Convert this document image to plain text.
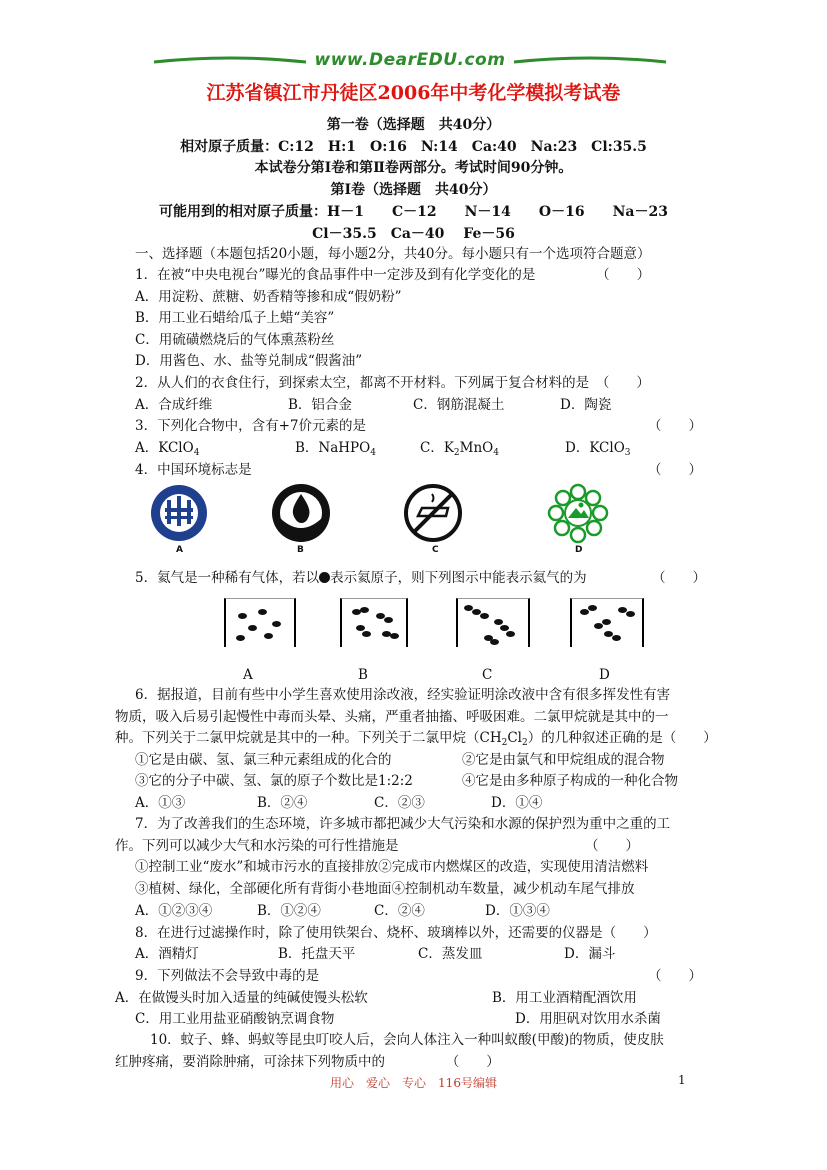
www.DearEDU.com
江苏省镇江市丹徒区2006年中考化学模拟考试卷
第一卷（选择题　共40分）
相对原子质量：C:12　H:1　O:16　N:14　Ca:40　Na:23　Cl:35.5
本试卷分第Ⅰ卷和第Ⅱ卷两部分。考试时间90分钟。
第Ⅰ卷（选择题　共40分）
可能用到的相对原子质量：H－1　　C－12　　N－14　　O－16　　Na－23
Cl－35.5　Ca－40　 Fe－56
一、选择题（本题包括20小题，每小题2分，共40分。每小题只有一个选项符合题意）
1．在被“中央电视台”曝光的食品事件中一定涉及到有化学变化的是　　　　　（　　）
A．用淀粉、蔗糖、奶香精等掺和成“假奶粉”
B．用工业石蜡给瓜子上蜡“美容”
C．用硫磺燃烧后的气体熏蒸粉丝
D．用酱色、水、盐等兑制成“假酱油”
2．从人们的衣食住行，到探索太空，都离不开材料。下列属于复合材料的是　（　　）
A．合成纤维	B．铝合金	C．钢筋混凝土	D．陶瓷
3．下列化合物中，含有+7价元素的是	（　　）
A．KClO$_4$	B．NaHPO$_4$	C．$K_2MnO_4$	D．KClO$_3$
4．中国环境标志是	（　　）
A	B	C	D
5．氦气是一种稀有气体，若以 表示氦原子，则下列图示中能表示氦气的为	（　　）
A	B	C	D
6．据报道，目前有些中小学生喜欢使用涂改液，经实验证明涂改液中含有很多挥发性有害
物质，吸入后易引起慢性中毒而头晕、头痛，严重者抽搐、呼吸困难。二氯甲烷就是其中的一
种。下列关于二氯甲烷就是其中的一种。下列关于二氯甲烷$(CH_2Cl_2)$的几种叙述正确的是（　　）
①它是由碳、氢、氯三种元素组成的化合的	②它是由氯气和甲烷组成的混合物
③它的分子中碳、氢、氯的原子个数比是1:2:2	④它是由多种原子构成的一种化合物
A．①③	B．②④	C．②③	D．①④
7．为了改善我们的生态环境，许多城市都把减少大气污染和水源的保护烈为重中之重的工
作。下列可以减少大气和水污染的可行性措施是	（　　）
①控制工业“废水”和城市污水的直接排放②完成市内燃煤区的改造，实现使用清洁燃料
③植树、绿化，全部硬化所有背街小巷地面④控制机动车数量，减少机动车尾气排放
A．①②③④	B．①②④	C．②④	D．①③④
8．在进行过滤操作时，除了使用铁架台、烧杯、玻璃棒以外，还需要的仪器是（　　）
A．酒精灯	B．托盘天平	C．蒸发皿	D．漏斗
9．下列做法不会导致中毒的是	（　　）
A．在做馒头时加入适量的纯碱使馒头松软	B．用工业酒精配酒饮用
C．用工业用盐亚硝酸钠烹调食物	D．用胆矾对饮用水杀菌
10．蚊子、蜂、蚂蚁等昆虫叮咬人后，会向人体注入一种叫蚁酸(甲酸)的物质，使皮肤
红肿疼痛，要消除肿痛，可涂抹下列物质中的　　　　　（　　）
用心　爱心　专心　116号编辑	1
